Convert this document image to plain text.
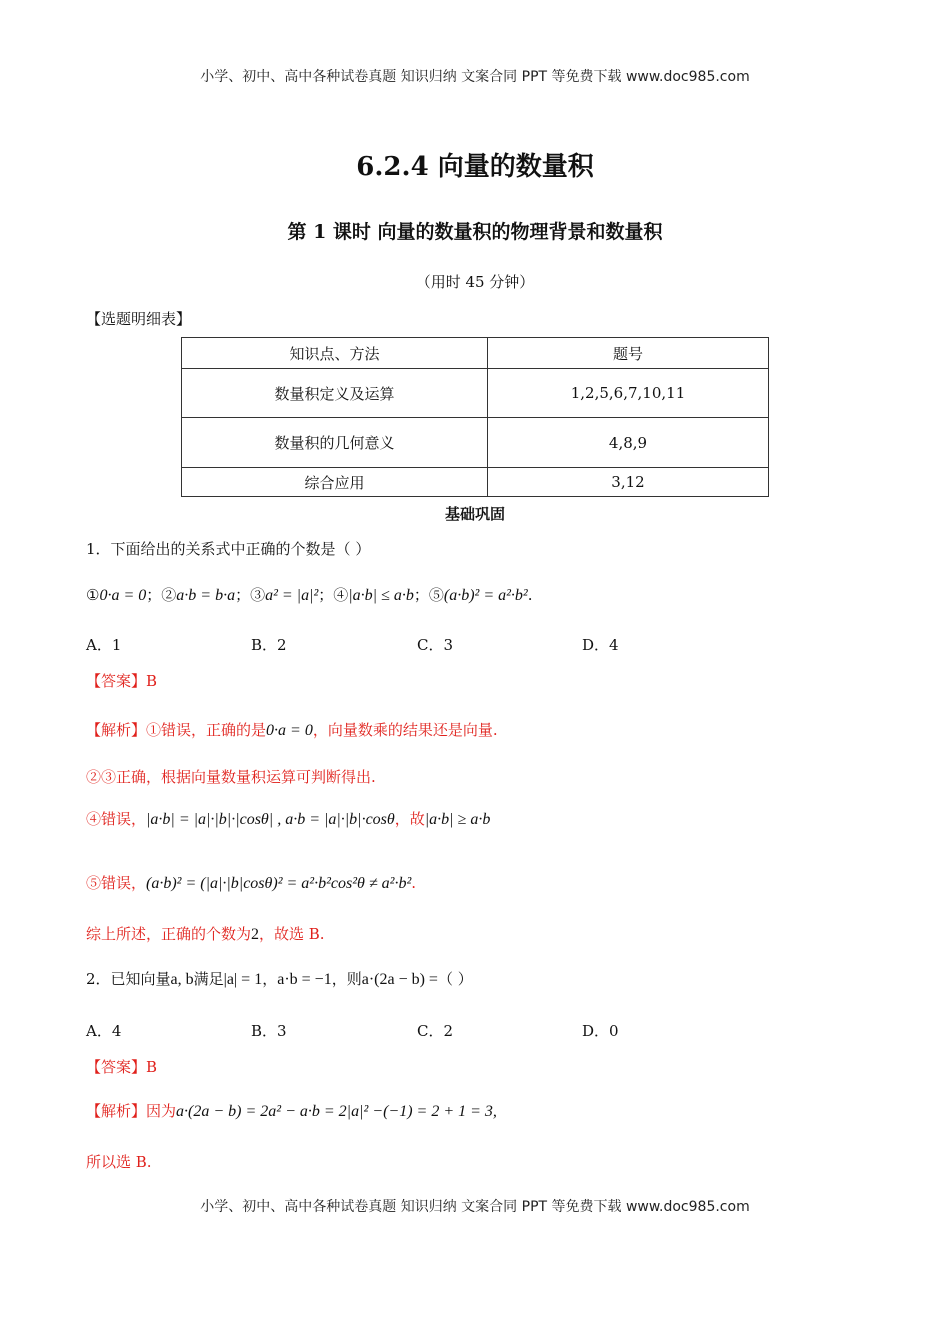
小学、初中、高中各种试卷真题 知识归纳 文案合同 PPT 等免费下载 www.doc985.com
6.2.4 向量的数量积
第 1 课时 向量的数量积的物理背景和数量积
（用时 45 分钟）
【选题明细表】
知识点、方法	题号
数量积定义及运算	1,2,5,6,7,10,11
数量积的几何意义	4,8,9
综合应用	3,12
基础巩固
1．下面给出的关系式中正确的个数是（ ）
①0·a = 0；②a·b = b·a；③a² = |a|²；④|a·b| ≤ a·b；⑤(a·b)² = a²·b².
A．1	B．2	C．3	D．4
【答案】B
【解析】①错误，正确的是0·a = 0，向量数乘的结果还是向量.
②③正确，根据向量数量积运算可判断得出.
④错误，|a·b| = |a|·|b|·|cosθ| , a·b = |a|·|b|·cosθ，故|a·b| ≥ a·b
⑤错误，(a·b)² = (|a|·|b|cosθ)² = a²·b²cos²θ ≠ a²·b².
综上所述，正确的个数为2，故选 B.
2．已知向量a, b满足|a| = 1，a·b = −1，则a·(2a − b) =（ ）
A．4	B．3	C．2	D．0
【答案】B
【解析】因为a·(2a − b) = 2a² − a·b = 2|a|² −(−1) = 2 + 1 = 3,
所以选 B.
小学、初中、高中各种试卷真题 知识归纳 文案合同 PPT 等免费下载 www.doc985.com
